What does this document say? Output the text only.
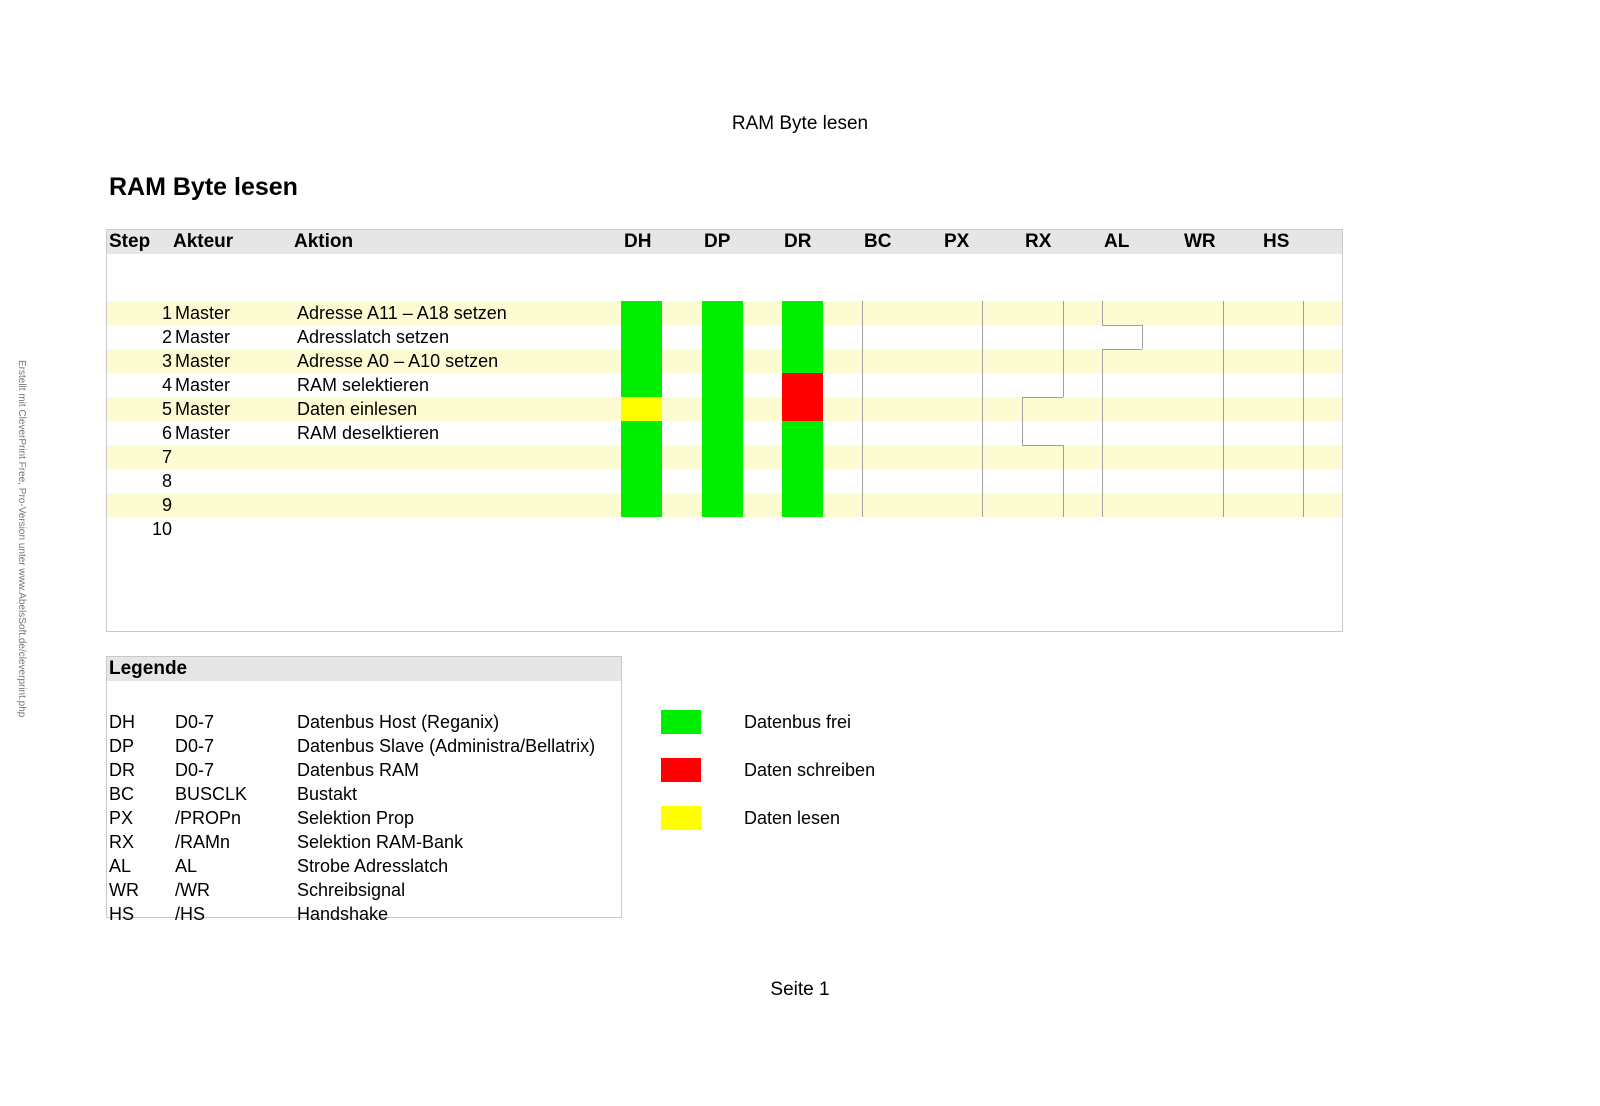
RAM Byte lesen
Erstellt mit CleverPrint Free, Pro-Version unter www.AbelsSoft.de/cleverprint.php
RAM Byte lesen
Step Akteur	Aktion	DH	DP	DR	BC	PX	RX	AL	WR HS
1 Master	Adresse A11 – A18 setzen
2 Master	Adresslatch setzen
3 Master	Adresse A0 – A10 setzen
4 Master	RAM selektieren
5 Master	Daten einlesen
6 Master	RAM deselktieren
7
8
9
10
Legende
DH D0-7	Datenbus Host (Reganix)
DP D0-7	Datenbus Slave (Administra/Bellatrix)
DR D0-7	Datenbus RAM
BC BUSCLK	Bustakt
PX /PROPn	Selektion Prop
RX /RAMn	Selektion RAM-Bank
AL AL	Strobe Adresslatch
WR /WR	Schreibsignal
HS /HS	Handshake
Datenbus frei
Daten schreiben
Daten lesen
Seite 1
